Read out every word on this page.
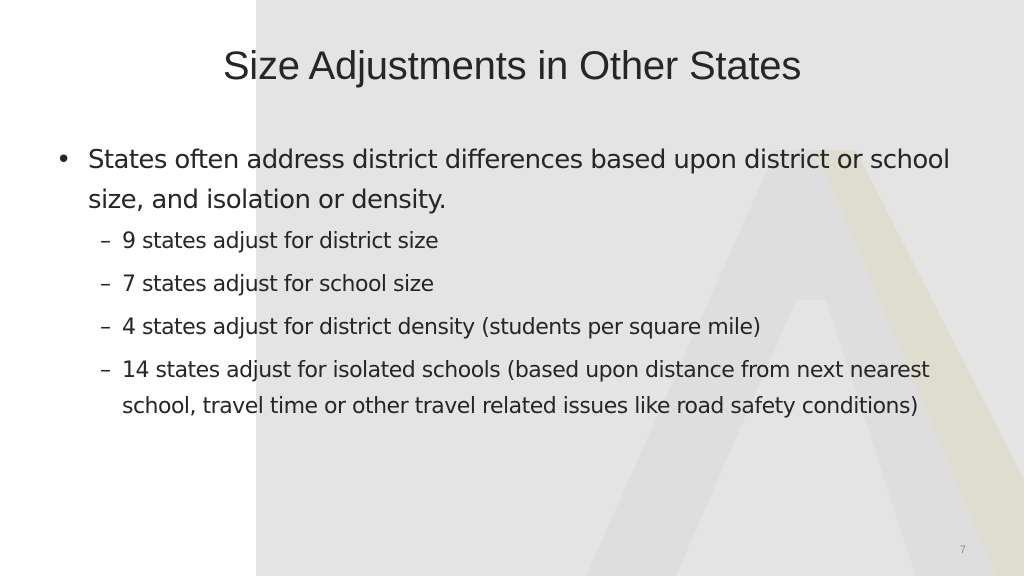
Size Adjustments in Other States
• States often address district differences based upon district or school size, and isolation or density.
– 9 states adjust for district size
– 7 states adjust for school size
– 4 states adjust for district density (students per square mile)
– 14 states adjust for isolated schools (based upon distance from next nearest school, travel time or other travel related issues like road safety conditions)
7
